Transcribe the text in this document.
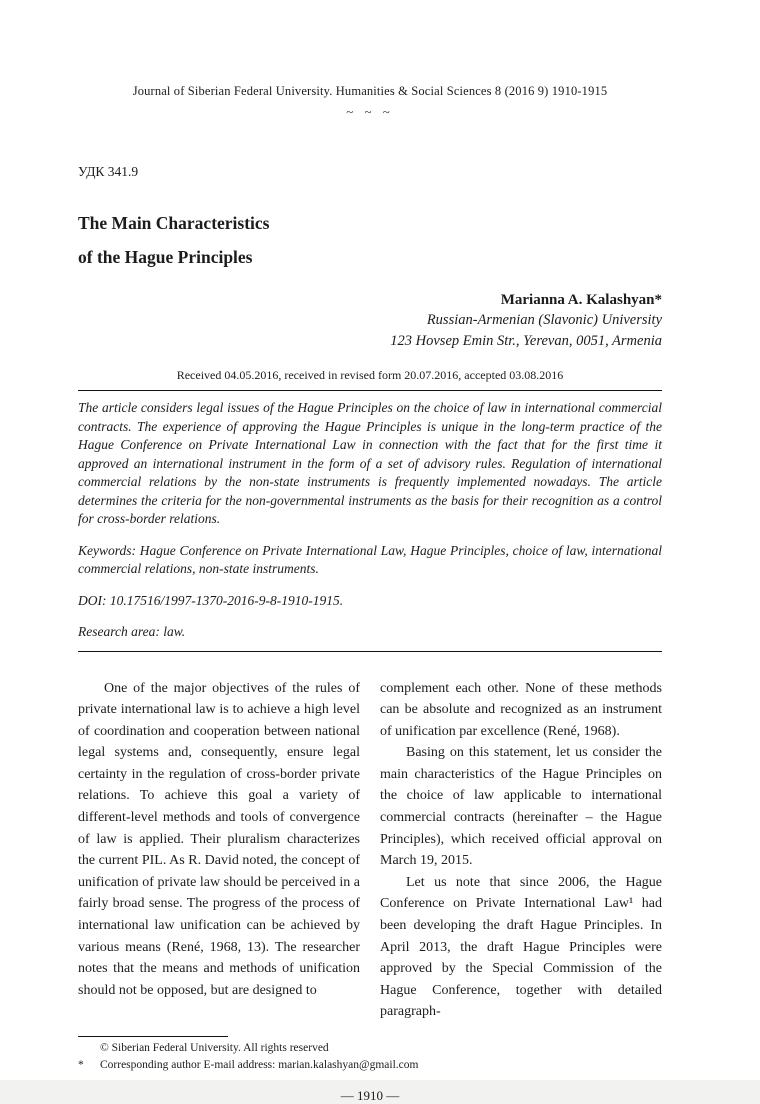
Journal of Siberian Federal University. Humanities & Social Sciences 8 (2016 9) 1910-1915
~ ~ ~
УДК 341.9
The Main Characteristics
of the Hague Principles
Marianna A. Kalashyan*
Russian-Armenian (Slavonic) University
123 Hovsep Emin Str., Yerevan, 0051, Armenia
Received 04.05.2016, received in revised form 20.07.2016, accepted 03.08.2016

The article considers legal issues of the Hague Principles on the choice of law in international commercial contracts. The experience of approving the Hague Principles is unique in the long-term practice of the Hague Conference on Private International Law in connection with the fact that for the first time it approved an international instrument in the form of a set of advisory rules. Regulation of international commercial relations by the non-state instruments is frequently implemented nowadays. The article determines the criteria for the non-governmental instruments as the basis for their recognition as a control for cross-border relations.

Keywords: Hague Conference on Private International Law, Hague Principles, choice of law, international commercial relations, non-state instruments.

DOI: 10.17516/1997-1370-2016-9-8-1910-1915.

Research area: law.

One of the major objectives of the rules of private international law is to achieve a high level of coordination and cooperation between national legal systems and, consequently, ensure legal certainty in the regulation of cross-border private relations. To achieve this goal a variety of different-level methods and tools of convergence of law is applied. Their pluralism characterizes the current PIL. As R. David noted, the concept of unification of private law should be perceived in a fairly broad sense. The progress of the process of international law unification can be achieved by various means (René, 1968, 13). The researcher notes that the means and methods of unification should not be opposed, but are designed to

complement each other. None of these methods can be absolute and recognized as an instrument of unification par excellence (René, 1968).

Basing on this statement, let us consider the main characteristics of the Hague Principles on the choice of law applicable to international commercial contracts (hereinafter – the Hague Principles), which received official approval on March 19, 2015.

Let us note that since 2006, the Hague Conference on Private International Law¹ had been developing the draft Hague Principles. In April 2013, the draft Hague Principles were approved by the Special Commission of the Hague Conference, together with detailed paragraph-

© Siberian Federal University. All rights reserved
*	Corresponding author E-mail address: marian.kalashyan@gmail.com
— 1910 —
